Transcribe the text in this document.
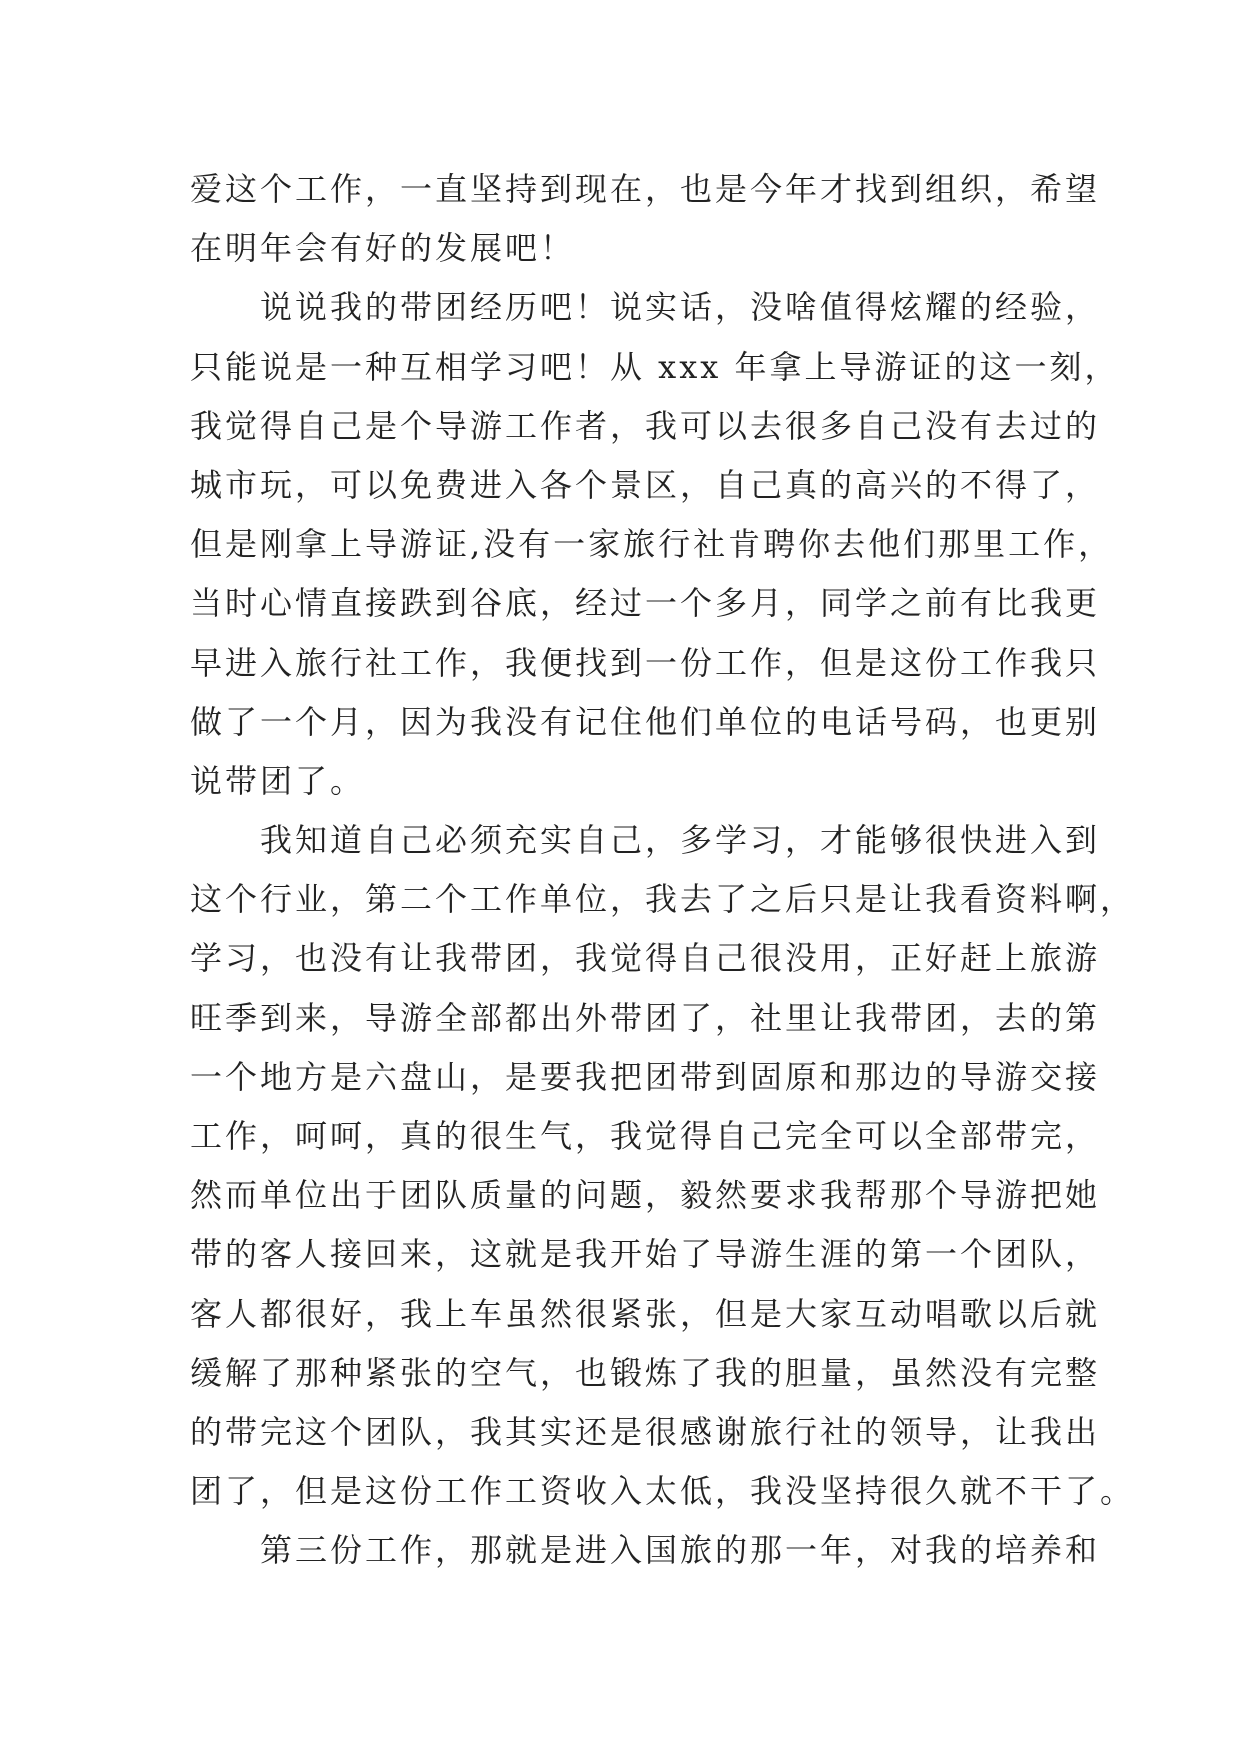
爱这个工作，一直坚持到现在，也是今年才找到组织，希望
在明年会有好的发展吧！
说说我的带团经历吧！说实话，没啥值得炫耀的经验，
只能说是一种互相学习吧！从 xxx 年拿上导游证的这一刻，
我觉得自己是个导游工作者，我可以去很多自己没有去过的
城市玩，可以免费进入各个景区，自己真的高兴的不得了，
但是刚拿上导游证,没有一家旅行社肯聘你去他们那里工作，
当时心情直接跌到谷底，经过一个多月，同学之前有比我更
早进入旅行社工作，我便找到一份工作，但是这份工作我只
做了一个月，因为我没有记住他们单位的电话号码，也更别
说带团了。
我知道自己必须充实自己，多学习，才能够很快进入到
这个行业，第二个工作单位，我去了之后只是让我看资料啊，
学习，也没有让我带团，我觉得自己很没用，正好赶上旅游
旺季到来，导游全部都出外带团了，社里让我带团，去的第
一个地方是六盘山，是要我把团带到固原和那边的导游交接
工作，呵呵，真的很生气，我觉得自己完全可以全部带完，
然而单位出于团队质量的问题，毅然要求我帮那个导游把她
带的客人接回来，这就是我开始了导游生涯的第一个团队，
客人都很好，我上车虽然很紧张，但是大家互动唱歌以后就
缓解了那种紧张的空气，也锻炼了我的胆量，虽然没有完整
的带完这个团队，我其实还是很感谢旅行社的领导，让我出
团了，但是这份工作工资收入太低，我没坚持很久就不干了。
第三份工作，那就是进入国旅的那一年，对我的培养和
